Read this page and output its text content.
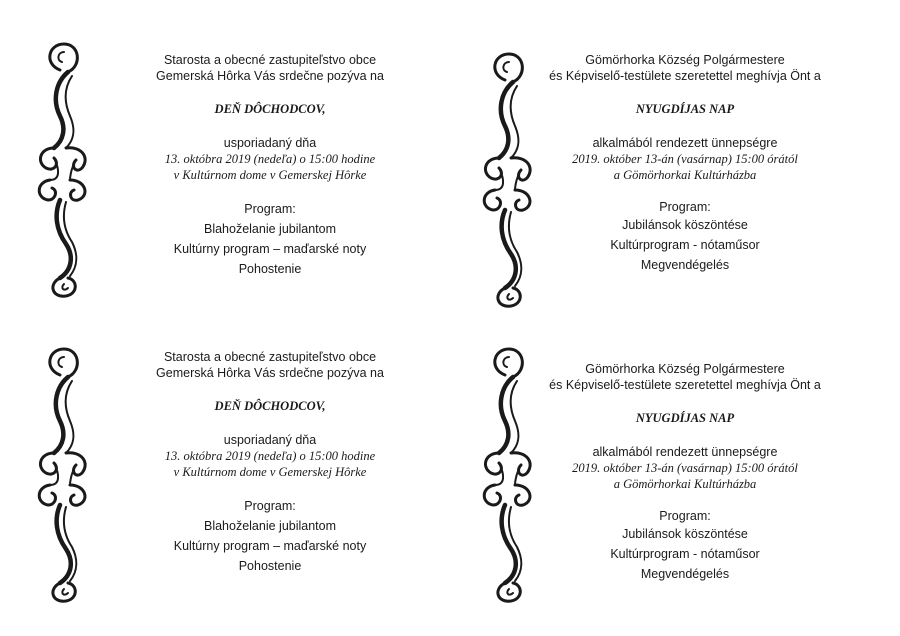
Starosta a obecné zastupiteľstvo obce

Gemerská Hôrka Vás srdečne pozýva na

DEŇ DÔCHODCOV,

usporiadaný dňa

13. októbra 2019 (nedeľa) o 15:00 hodine

v Kultúrnom dome v Gemerskej Hôrke

Program:

Blahoželanie jubilantom

Kultúrny program – maďarské noty

Pohostenie

Gömörhorka Község Polgármestere

és Képviselő-testülete szeretettel meghívja Önt a

NYUGDÍJAS NAP

alkalmából rendezett ünnepségre

2019. október 13-án (vasárnap) 15:00 órától

a Gömörhorkai Kultúrházba

Program:

Jubilánsok köszöntése

Kultúrprogram - nótaműsor

Megvendégelés

Starosta a obecné zastupiteľstvo obce

Gemerská Hôrka Vás srdečne pozýva na

DEŇ DÔCHODCOV,

usporiadaný dňa

13. októbra 2019 (nedeľa) o 15:00 hodine

v Kultúrnom dome v Gemerskej Hôrke

Program:

Blahoželanie jubilantom

Kultúrny program – maďarské noty

Pohostenie

Gömörhorka Község Polgármestere

és Képviselő-testülete szeretettel meghívja Önt a

NYUGDÍJAS NAP

alkalmából rendezett ünnepségre

2019. október 13-án (vasárnap) 15:00 órától

a Gömörhorkai Kultúrházba

Program:

Jubilánsok köszöntése

Kultúrprogram - nótaműsor

Megvendégelés
